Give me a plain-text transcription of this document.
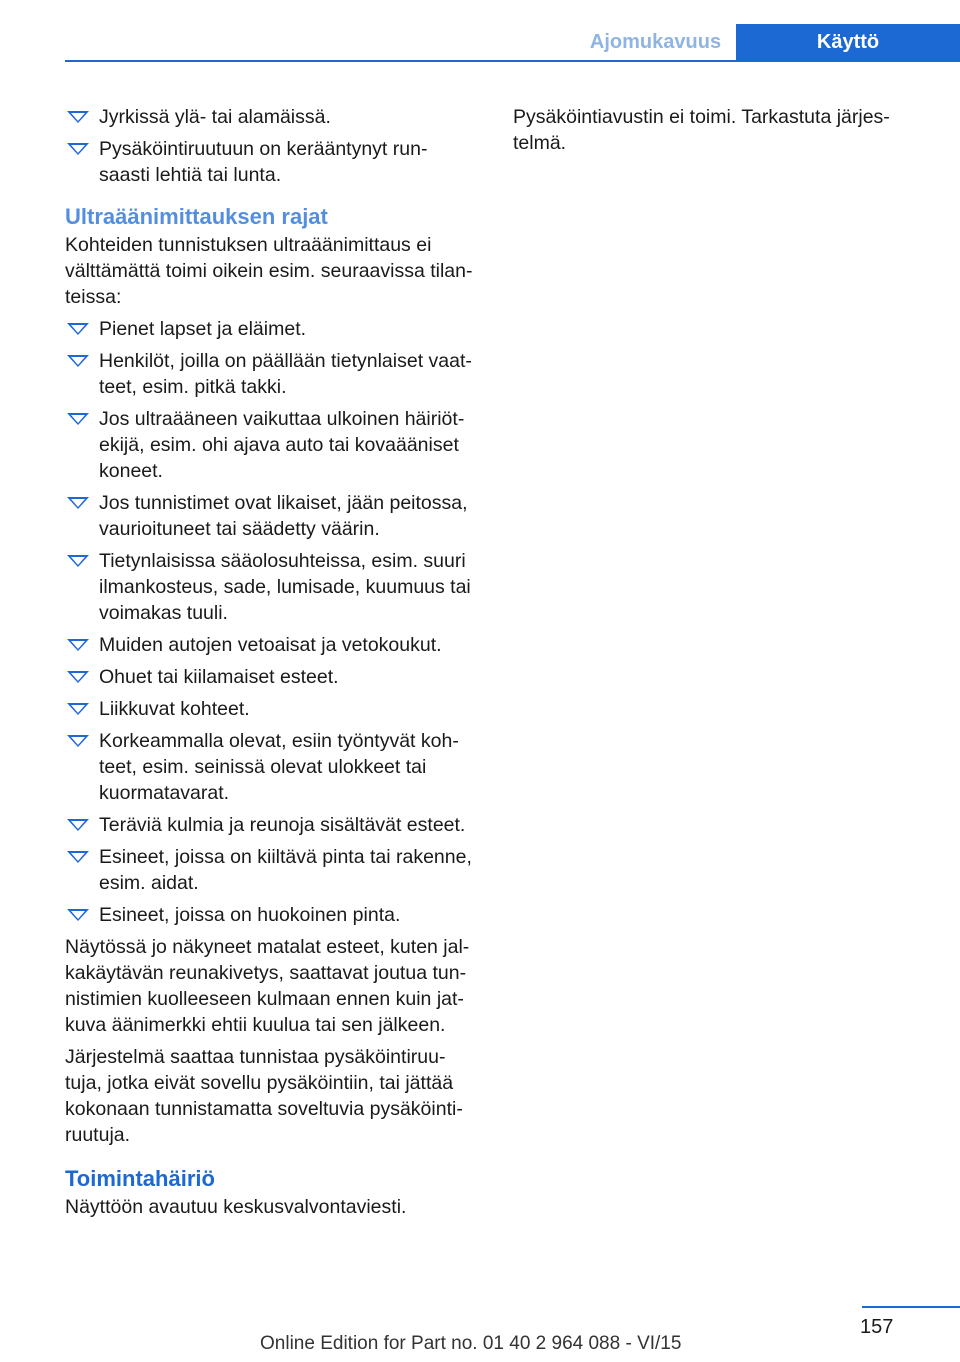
Ajomukavuus	Käyttö
Jyrkissä ylä- tai alamäissä.
Pysäköintiruutuun on kerääntynyt run‐ saasti lehtiä tai lunta.
Ultraäänimittauksen rajat

Kohteiden tunnistuksen ultraäänimittaus ei välttämättä toimi oikein esim. seuraavissa tilan‐ teissa:

Pienet lapset ja eläimet.
Henkilöt, joilla on päällään tietynlaiset vaat‐ teet, esim. pitkä takki.
Jos ultraääneen vaikuttaa ulkoinen häiriöt‐ ekijä, esim. ohi ajava auto tai kovaääniset koneet.
Jos tunnistimet ovat likaiset, jään peitossa, vaurioituneet tai säädetty väärin.
Tietynlaisissa sääolosuhteissa, esim. suuri ilmankosteus, sade, lumisade, kuumuus tai voimakas tuuli.
Muiden autojen vetoaisat ja vetokoukut.
Ohuet tai kiilamaiset esteet.
Liikkuvat kohteet.
Korkeammalla olevat, esiin työntyvät koh‐ teet, esim. seinissä olevat ulokkeet tai kuormatavarat.
Teräviä kulmia ja reunoja sisältävät esteet.
Esineet, joissa on kiiltävä pinta tai rakenne, esim. aidat.
Esineet, joissa on huokoinen pinta.

Näytössä jo näkyneet matalat esteet, kuten jal‐ kakäytävän reunakivetys, saattavat joutua tun‐ nistimien kuolleeseen kulmaan ennen kuin jat‐ kuva äänimerkki ehtii kuulua tai sen jälkeen.

Järjestelmä saattaa tunnistaa pysäköintiruu‐ tuja, jotka eivät sovellu pysäköintiin, tai jättää kokonaan tunnistamatta soveltuvia pysäköinti‐ ruutuja.

Toimintahäiriö

Näyttöön avautuu keskusvalvontaviesti.

Pysäköintiavustin ei toimi. Tarkastuta järjes‐ telmä.

157
Online Edition for Part no. 01 40 2 964 088 - VI/15
